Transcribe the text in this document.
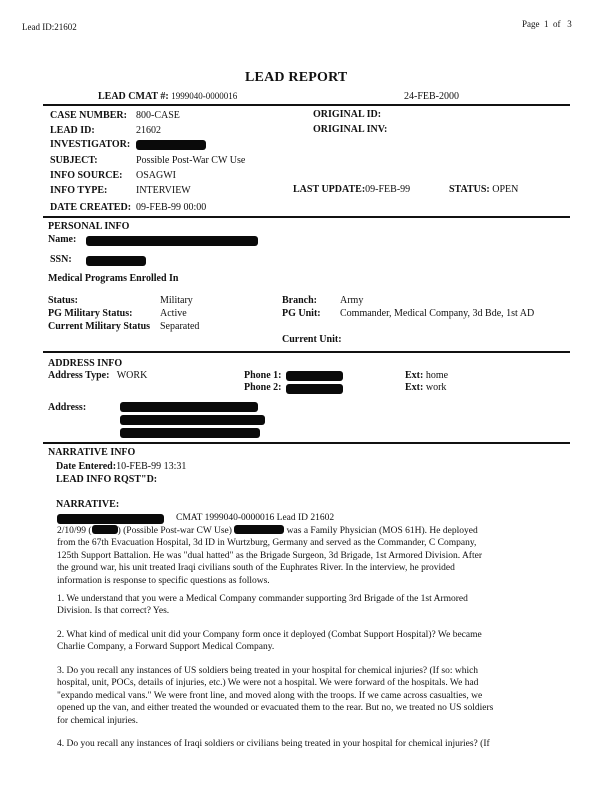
Lead ID:21602	Page 1 of 3
LEAD REPORT
LEAD CMAT #: 1999040-0000016	24-FEB-2000
CASE NUMBER: 800-CASE	ORIGINAL ID:
LEAD ID:	21602	ORIGINAL INV:
INVESTIGATOR:
SUBJECT:	Possible Post-War CW Use
INFO SOURCE: OSAGWI
INFO TYPE:	INTERVIEW	LAST UPDATE:09-FEB-99	STATUS: OPEN
DATE CREATED: 09-FEB-99 00:00
PERSONAL INFO
Name:
SSN:
Medical Programs Enrolled In
Status:	Military	Branch: Army
PG Military Status:	Active	PG Unit: Commander, Medical Company, 3d Bde, 1st AD
Current Military Status Separated
Current Unit:
ADDRESS INFO
Address Type: WORK	Phone 1:	Ext: home
Phone 2:	Ext: work
Address:
NARRATIVE INFO
Date Entered:10-FEB-99 13:31
LEAD INFO RQST"D:
NARRATIVE:
CMAT 1999040-0000016 Lead ID 21602
2/10/99 (	) (Possible Post-war CW Use)	was a Family Physician (MOS 61H). He deployed
from the 67th Evacuation Hospital, 3d ID in Wurtzburg, Germany and served as the Commander, C Company,
125th Support Battalion. He was "dual hatted" as the Brigade Surgeon, 3d Brigade, 1st Armored Division. After
the ground war, his unit treated Iraqi civilians south of the Euphrates River. In the interview, he provided
information is response to specific questions as follows.
1. We understand that you were a Medical Company commander supporting 3rd Brigade of the 1st Armored
Division. Is that correct? Yes.
2. What kind of medical unit did your Company form once it deployed (Combat Support Hospital)? We became
Charlie Company, a Forward Support Medical Company.
3. Do you recall any instances of US soldiers being treated in your hospital for chemical injuries? (If so: which
hospital, unit, POCs, details of injuries, etc.) We were not a hospital. We were forward of the hospitals. We had
"expando medical vans." We were front line, and moved along with the troops. If we came across casualties, we
opened up the van, and either treated the wounded or evacuated them to the rear. But no, we treated no US soldiers
for chemical injuries.
4. Do you recall any instances of Iraqi soldiers or civilians being treated in your hospital for chemical injuries? (If
